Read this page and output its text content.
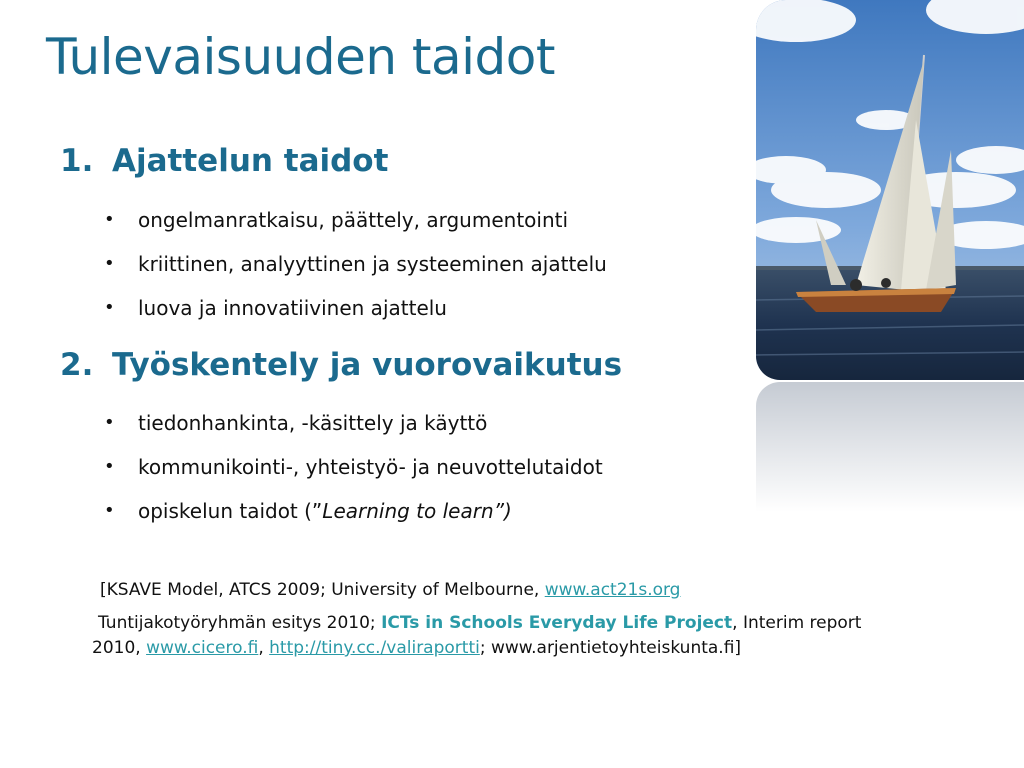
Tulevaisuuden taidot
1. Ajattelun taidot
• ongelmanratkaisu, päättely, argumentointi
• kriittinen, analyyttinen ja systeeminen ajattelu
• luova ja innovatiivinen ajattelu
2. Työskentely ja vuorovaikutus
• tiedonhankinta, -käsittely ja käyttö
• kommunikointi-, yhteistyö- ja neuvottelutaidot
• opiskelun taidot (”Learning to learn”)

[KSAVE Model, ATCS 2009; University of Melbourne, www.act21s.org

Tuntijakotyöryhmän esitys 2010; ICTs in Schools Everyday Life Project, Interim report

2010, www.cicero.fi, http://tiny.cc./valiraportti; www.arjentietoyhteiskunta.fi]
